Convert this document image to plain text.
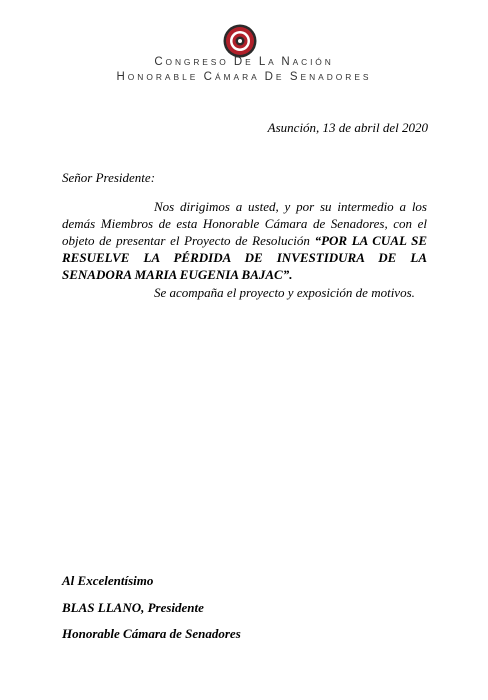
CONGRESO DE LA NACIÓN
HONORABLE CÁMARA DE SENADORES
Asunción, 13 de abril del 2020
Señor Presidente:

Nos dirigimos a usted, y por su intermedio a los demás Miembros de esta Honorable Cámara de Senadores, con el objeto de presentar el Proyecto de Resolución “POR LA CUAL SE RESUELVE LA PÉRDIDA DE INVESTIDURA DE LA SENADORA MARIA EUGENIA BAJAC”.

Se acompaña el proyecto y exposición de motivos.
Al Excelentísimo
BLAS LLANO, Presidente
Honorable Cámara de Senadores
